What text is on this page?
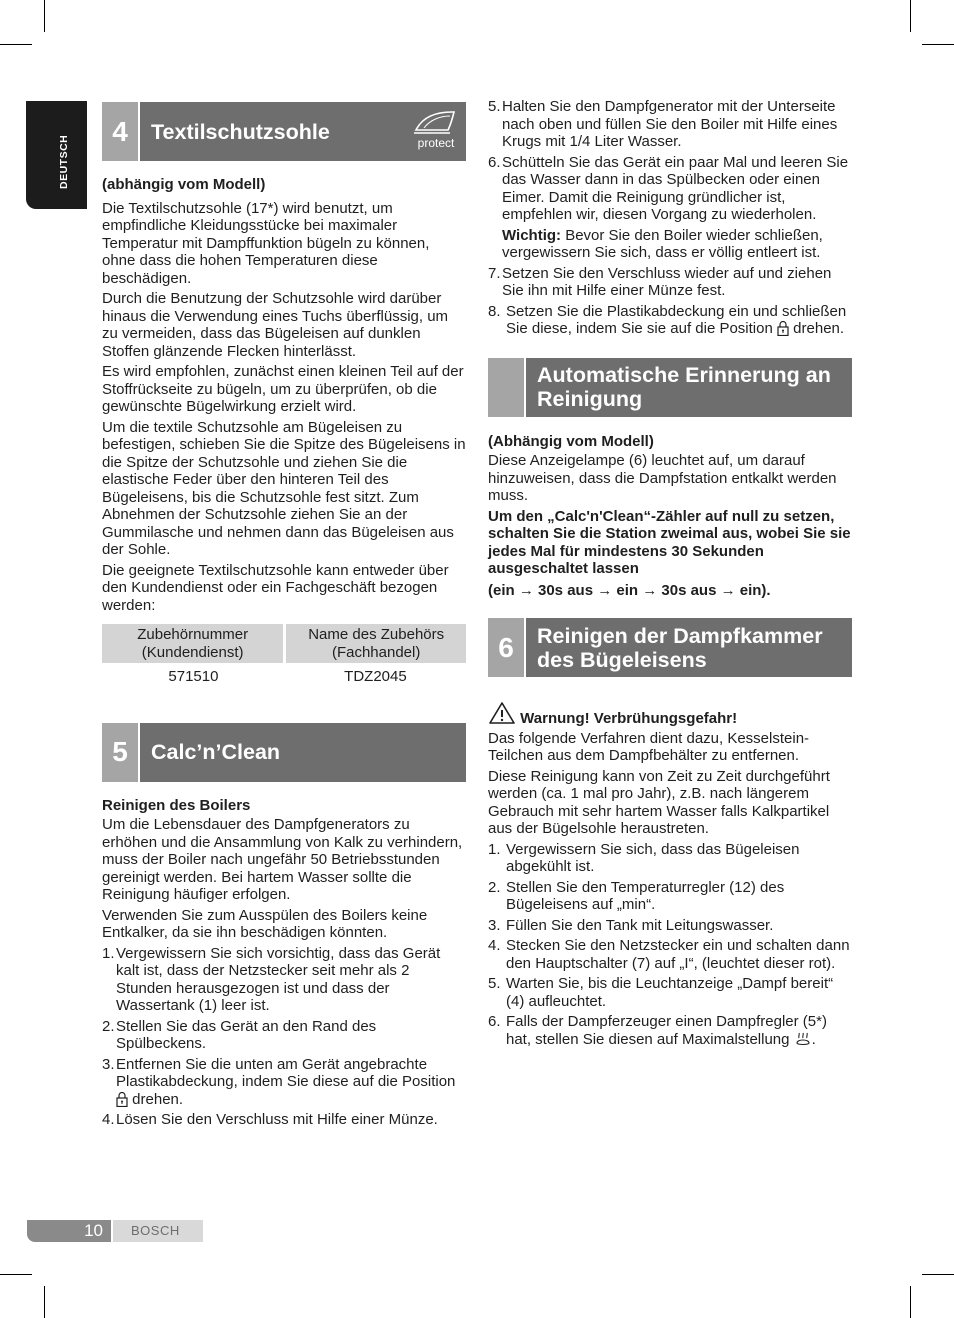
DEUTSCH
4	Textilschutzsohle	protect

(abhängig vom Modell)

Die Textilschutzsohle (17*) wird benutzt, um empfindliche Kleidungsstücke bei maximaler Temperatur mit Dampffunktion bügeln zu können, ohne dass die hohen Temperaturen diese beschädigen.

Durch die Benutzung der Schutzsohle wird darüber hinaus die Verwendung eines Tuchs überflüssig, um zu vermeiden, dass das Bügeleisen auf dunklen Stoffen glänzende Flecken hinterlässt.

Es wird empfohlen, zunächst einen kleinen Teil auf der Stoffrückseite zu bügeln, um zu überprüfen, ob die gewünschte Bügelwirkung erzielt wird.

Um die textile Schutzsohle am Bügeleisen zu befestigen, schieben Sie die Spitze des Bügeleisens in die Spitze der Schutzsohle und ziehen Sie die elastische Feder über den hinteren Teil des Bügeleisens, bis die Schutzsohle fest sitzt. Zum Abnehmen der Schutzsohle ziehen Sie an der Gummilasche und nehmen dann das Bügeleisen aus der Sohle.

Die geeignete Textilschutzsohle kann entweder über den Kundendienst oder ein Fachgeschäft bezogen werden:

Zubehörnummer (Kundendienst)	Name des Zubehörs (Fachhandel)
571510	TDZ2045
5	Calc’n’Clean

Reinigen des Boilers

Um die Lebensdauer des Dampfgenerators zu erhöhen und die Ansammlung von Kalk zu verhindern, muss der Boiler nach ungefähr 50 Betriebsstunden gereinigt werden. Bei hartem Wasser sollte die Reinigung häufiger erfolgen.

Verwenden Sie zum Ausspülen des Boilers keine Entkalker, da sie ihn beschädigen könnten.

1. Vergewissern Sie sich vorsichtig, dass das Gerät kalt ist, dass der Netzstecker seit mehr als 2 Stunden herausgezogen ist und dass der Wassertank (1) leer ist.
2. Stellen Sie das Gerät an den Rand des Spülbeckens.
3. Entfernen Sie die unten am Gerät angebrachte Plastikabdeckung, indem Sie diese auf die Position  drehen.
4. Lösen Sie den Verschluss mit Hilfe einer Münze.
5. Halten Sie den Dampfgenerator mit der Unterseite nach oben und füllen Sie den Boiler mit Hilfe eines Krugs mit 1/4 Liter Wasser.
6. Schütteln Sie das Gerät ein paar Mal und leeren Sie das Wasser dann in das Spülbecken oder einen Eimer. Damit die Reinigung gründlicher ist, empfehlen wir, diesen Vorgang zu wiederholen.
Wichtig: Bevor Sie den Boiler wieder schließen, vergewissern Sie sich, dass er völlig entleert ist.
7. Setzen Sie den Verschluss wieder auf und ziehen Sie ihn mit Hilfe einer Münze fest.
8. Setzen Sie die Plastikabdeckung ein und schließen Sie diese, indem Sie sie auf die Position drehen.
Automatische Erinnerung an Reinigung

(Abhängig vom Modell)

Diese Anzeigelampe (6) leuchtet auf, um darauf hinzuweisen, dass die Dampfstation entkalkt werden muss.

Um den „Calc'n'Clean“-Zähler auf null zu setzen, schalten Sie die Station zweimal aus, wobei Sie sie jedes Mal für mindestens 30 Sekunden ausgeschaltet lassen

(ein → 30s aus → ein → 30s aus → ein).

6	Reinigen der Dampfkammer des Bügeleisens

Warnung! Verbrühungsgefahr!

Das folgende Verfahren dient dazu, Kesselstein-Teilchen aus dem Dampfbehälter zu entfernen.

Diese Reinigung kann von Zeit zu Zeit durchgeführt werden (ca. 1 mal pro Jahr), z.B. nach längerem Gebrauch mit sehr hartem Wasser falls Kalkpartikel aus der Bügelsohle heraustreten.

1. Vergewissern Sie sich, dass das Bügeleisen abgekühlt ist.
2. Stellen Sie den Temperaturregler (12) des Bügeleisens auf „min“.
3. Füllen Sie den Tank mit Leitungswasser.
4. Stecken Sie den Netzstecker ein und schalten dann den Hauptschalter (7) auf „I“, (leuchtet dieser rot).
5. Warten Sie, bis die Leuchtanzeige „Dampf bereit“ (4) aufleuchtet.
6. Falls der Dampferzeuger einen Dampfregler (5*) hat, stellen Sie diesen auf Maximalstellung .
10	BOSCH
